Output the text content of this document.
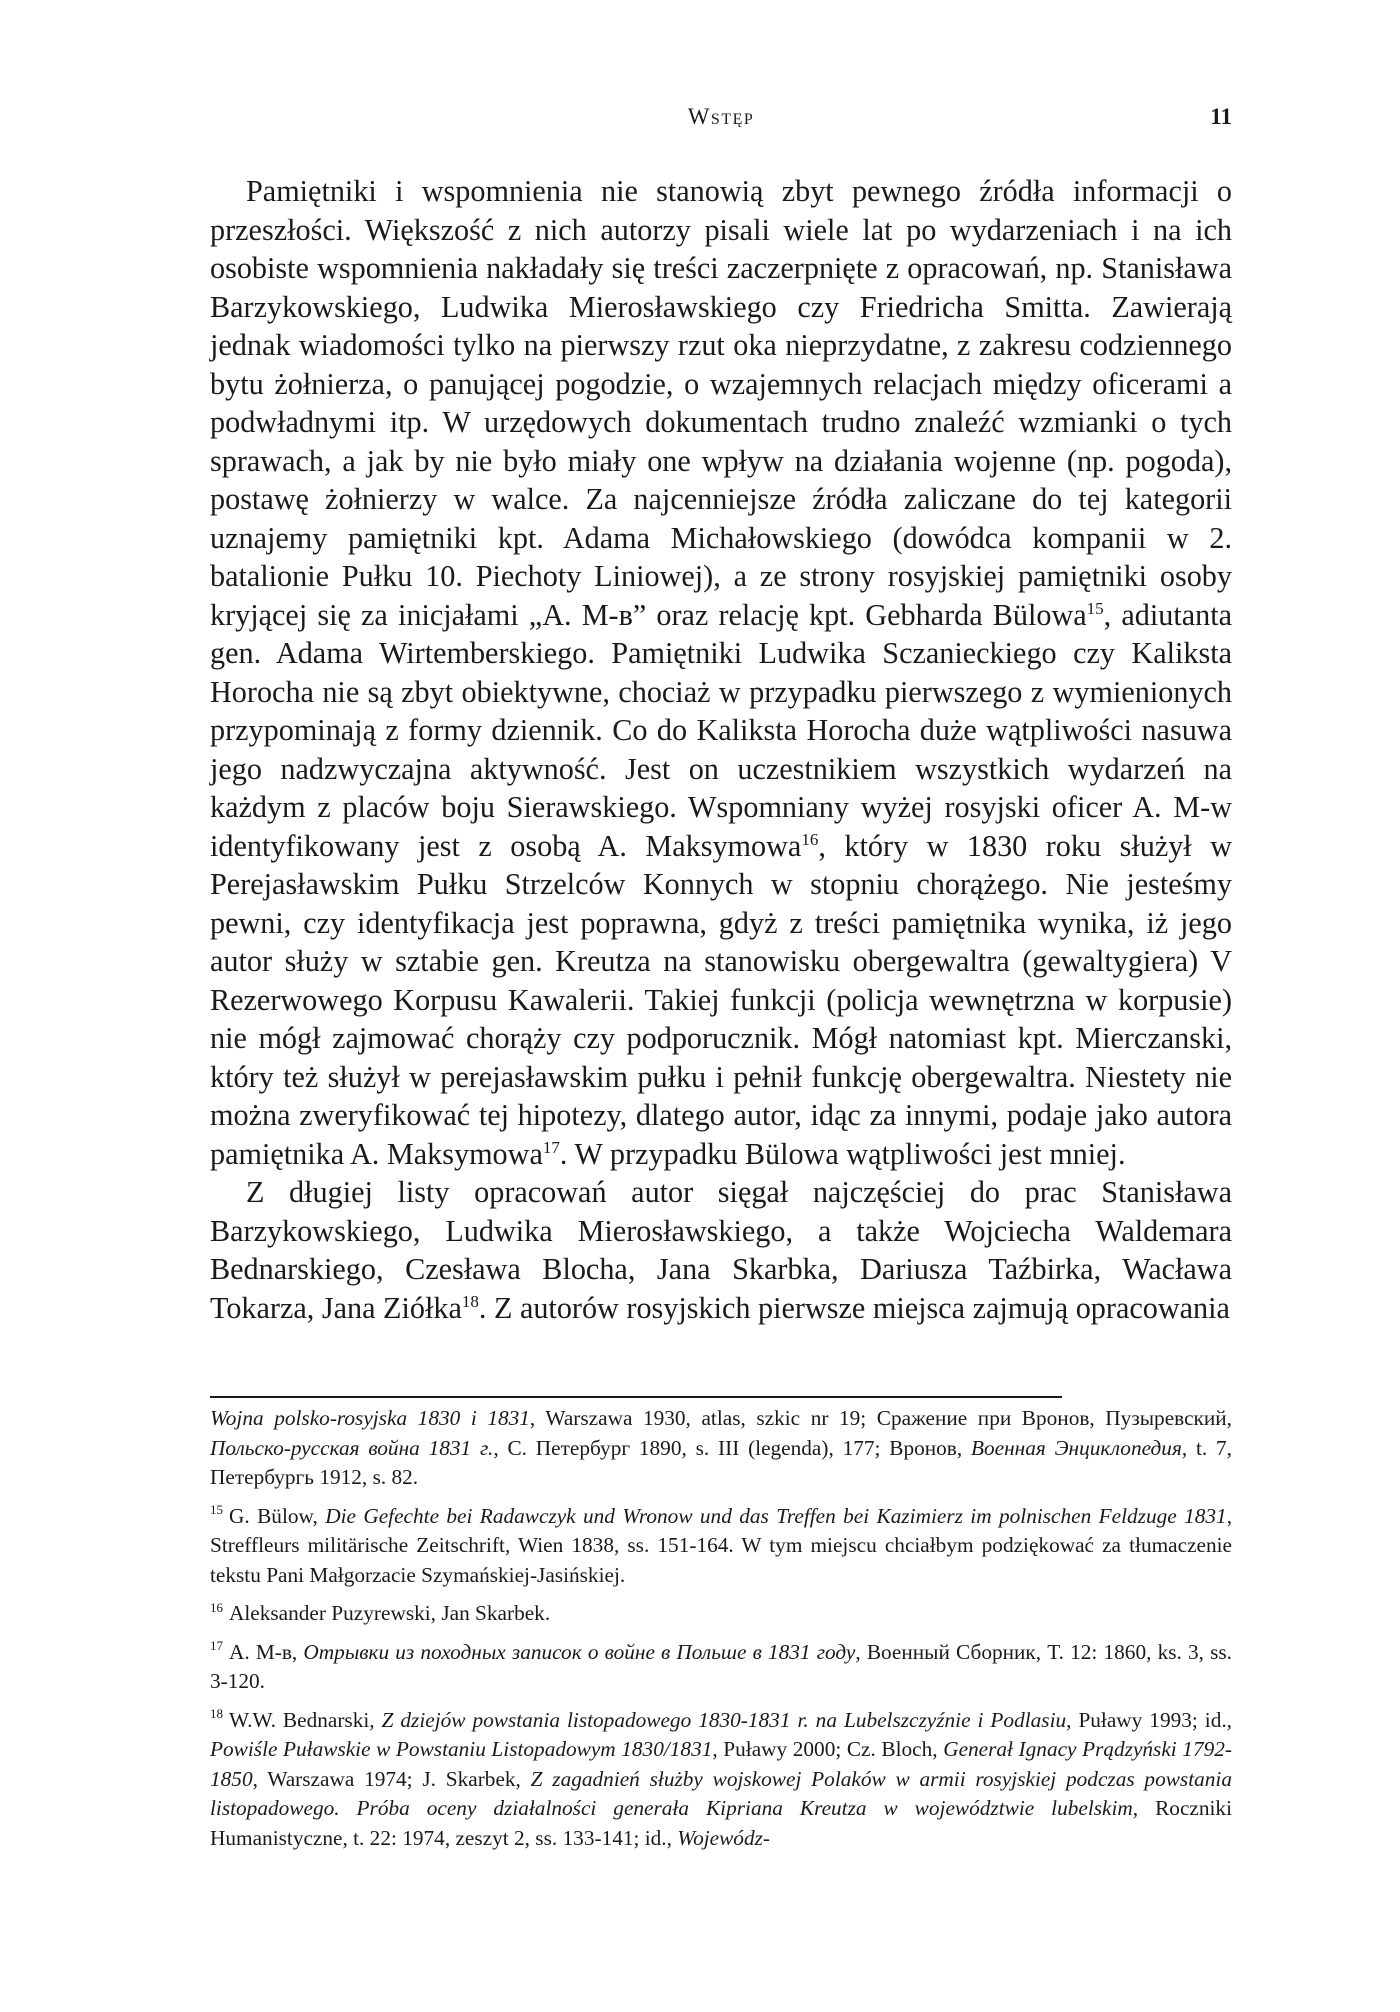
Wstęp	11

Pamiętniki i wspomnienia nie stanowią zbyt pewnego źródła informacji o przeszłości. Większość z nich autorzy pisali wiele lat po wydarzeniach i na ich osobiste wspomnienia nakładały się treści zaczerpnięte z opracowań, np. Stanisława Barzykowskiego, Ludwika Mierosławskiego czy Friedricha Smitta. Zawierają jednak wiadomości tylko na pierwszy rzut oka nieprzydatne, z zakresu codziennego bytu żołnierza, o panującej pogodzie, o wzajemnych relacjach między oficerami a podwładnymi itp. W urzędowych dokumentach trudno znaleźć wzmianki o tych sprawach, a jak by nie było miały one wpływ na działania wojenne (np. pogoda), postawę żołnierzy w walce. Za najcenniejsze źródła zaliczane do tej kategorii uznajemy pamiętniki kpt. Adama Michałowskiego (dowódca kompanii w 2. batalionie Pułku 10. Piechoty Liniowej), a ze strony rosyjskiej pamiętniki osoby kryjącej się za inicjałami „A. M-в” oraz relację kpt. Gebharda Bülowa$^{15}$, adiutanta gen. Adama Wirtemberskiego. Pamiętniki Ludwika Sczanieckiego czy Kaliksta Horocha nie są zbyt obiektywne, chociaż w przypadku pierwszego z wymienionych przypominają z formy dziennik. Co do Kaliksta Horocha duże wątpliwości nasuwa jego nadzwyczajna aktywność. Jest on uczestnikiem wszystkich wydarzeń na każdym z placów boju Sierawskiego. Wspomniany wyżej rosyjski oficer A. M-w identyfikowany jest z osobą A. Maksymowa$^{16}$, który w 1830 roku służył w Perejasławskim Pułku Strzelców Konnych w stopniu chorążego. Nie jesteśmy pewni, czy identyfikacja jest poprawna, gdyż z treści pamiętnika wynika, iż jego autor służy w sztabie gen. Kreutza na stanowisku obergewaltra (gewaltygiera) V Rezerwowego Korpusu Kawalerii. Takiej funkcji (policja wewnętrzna w korpusie) nie mógł zajmować chorąży czy podporucznik. Mógł natomiast kpt. Mierczanski, który też służył w perejasławskim pułku i pełnił funkcję obergewaltra. Niestety nie można zweryfikować tej hipotezy, dlatego autor, idąc za innymi, podaje jako autora pamiętnika A. Maksymowa$^{17}$. W przypadku Bülowa wątpliwości jest mniej.

Z długiej listy opracowań autor sięgał najczęściej do prac Stanisława Barzykowskiego, Ludwika Mierosławskiego, a także Wojciecha Waldemara Bednarskiego, Czesława Blocha, Jana Skarbka, Dariusza Taźbirka, Wacława Tokarza, Jana Ziółka$^{18}$. Z autorów rosyjskich pierwsze miejsca zajmują opracowania

Wojna polsko-rosyjska 1830 i 1831, Warszawa 1930, atlas, szkic nr 19; Сражение при Вронов, Пузыревский, Польско-русская война 1831 г., С. Петербург 1890, s. III (legenda), 177; Вронов, Военная Энциклопедия, t. 7, Петербургь 1912, s. 82.

$^{15}$ G. Bülow, Die Gefechte bei Radawczyk und Wronow und das Treffen bei Kazimierz im polnischen Feldzuge 1831, Streffleurs militärische Zeitschrift, Wien 1838, ss. 151-164. W tym miejscu chciałbym podziękować za tłumaczenie tekstu Pani Małgorzacie Szymańskiej-Jasińskiej.

$^{16}$ Aleksander Puzyrewski, Jan Skarbek.

$^{17}$ A. M-в, Отрывки из походных записок о войне в Польше в 1831 году, Военный Сборник, T. 12: 1860, ks. 3, ss. 3-120.

$^{18}$ W.W. Bednarski, Z dziejów powstania listopadowego 1830-1831 r. na Lubelszczyźnie i Podlasiu, Puławy 1993; id., Powiśle Puławskie w Powstaniu Listopadowym 1830/1831, Puławy 2000; Cz. Bloch, Generał Ignacy Prądzyński 1792-1850, Warszawa 1974; J. Skarbek, Z zagadnień służby wojskowej Polaków w armii rosyjskiej podczas powstania listopadowego. Próba oceny działalności generała Kipriana Kreutza w województwie lubelskim, Roczniki Humanistyczne, t. 22: 1974, zeszyt 2, ss. 133-141; id., Wojewódz-
